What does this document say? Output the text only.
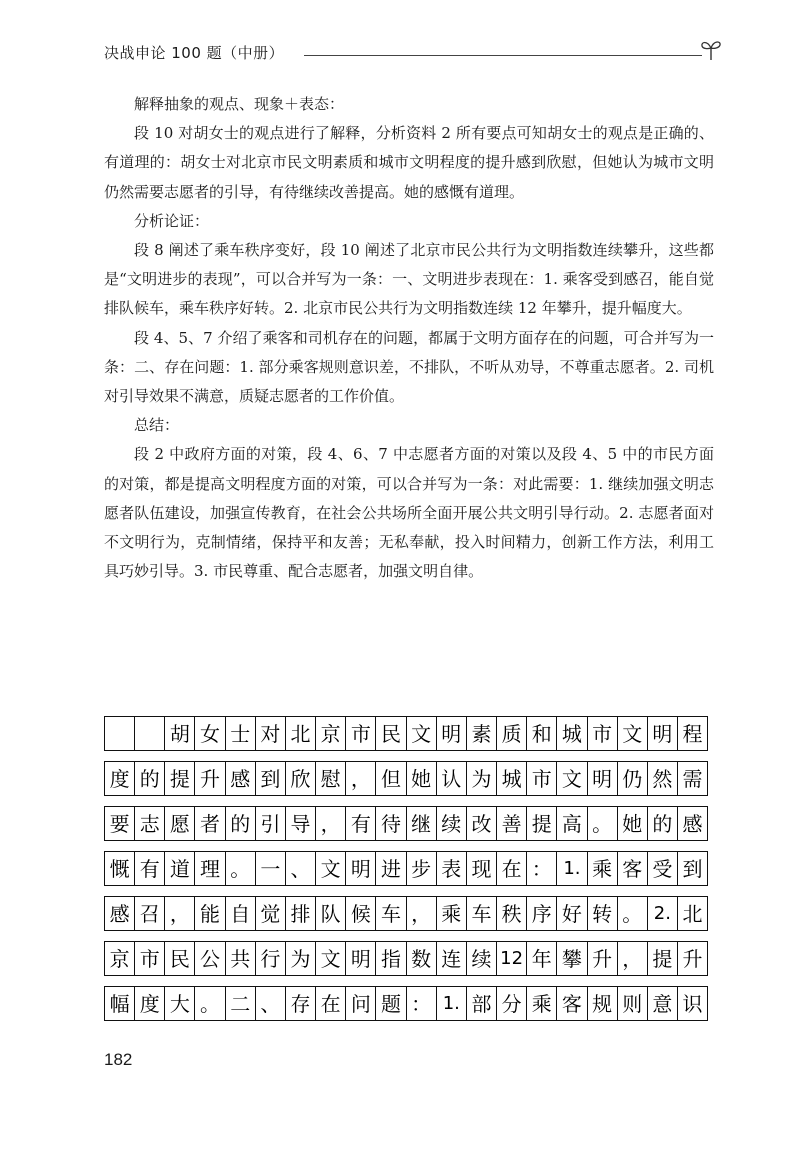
决战申论 100 题（中册）

解释抽象的观点、现象＋表态：

段 10 对胡女士的观点进行了解释，分析资料 2 所有要点可知胡女士的观点是正确的、有道理的：胡女士对北京市民文明素质和城市文明程度的提升感到欣慰，但她认为城市文明仍然需要志愿者的引导，有待继续改善提高。她的感慨有道理。

分析论证：

段 8 阐述了乘车秩序变好，段 10 阐述了北京市民公共行为文明指数连续攀升，这些都是“文明进步的表现”，可以合并写为一条：一、文明进步表现在：1. 乘客受到感召，能自觉排队候车，乘车秩序好转。2. 北京市民公共行为文明指数连续 12 年攀升，提升幅度大。

段 4、5、7 介绍了乘客和司机存在的问题，都属于文明方面存在的问题，可合并写为一条：二、存在问题：1. 部分乘客规则意识差，不排队，不听从劝导，不尊重志愿者。2. 司机对引导效果不满意，质疑志愿者的工作价值。

总结：

段 2 中政府方面的对策，段 4、6、7 中志愿者方面的对策以及段 4、5 中的市民方面的对策，都是提高文明程度方面的对策，可以合并写为一条：对此需要：1. 继续加强文明志愿者队伍建设，加强宣传教育，在社会公共场所全面开展公共文明引导行动。2. 志愿者面对不文明行为，克制情绪，保持平和友善；无私奉献，投入时间精力，创新工作方法，利用工具巧妙引导。3. 市民尊重、配合志愿者，加强文明自律。

胡 女 士 对 北 京 市 民 文 明 素 质 和 城 市 文 明 程
度 的 提 升 感 到 欣 慰 ， 但 她 认 为 城 市 文 明 仍 然 需
要 志 愿 者 的 引 导 ， 有 待 继 续 改 善 提 高 。 她 的 感
慨 有 道 理 。 一 、 文 明 进 步 表 现 在 ： 1. 乘 客 受 到
感 召 ， 能 自 觉 排 队 候 车 ， 乘 车 秩 序 好 转 。 2. 北
京 市 民 公 共 行 为 文 明 指 数 连 续 12 年 攀 升 ， 提 升
幅 度 大 。 二 、 存 在 问 题 ： 1. 部 分 乘 客 规 则 意 识
182
